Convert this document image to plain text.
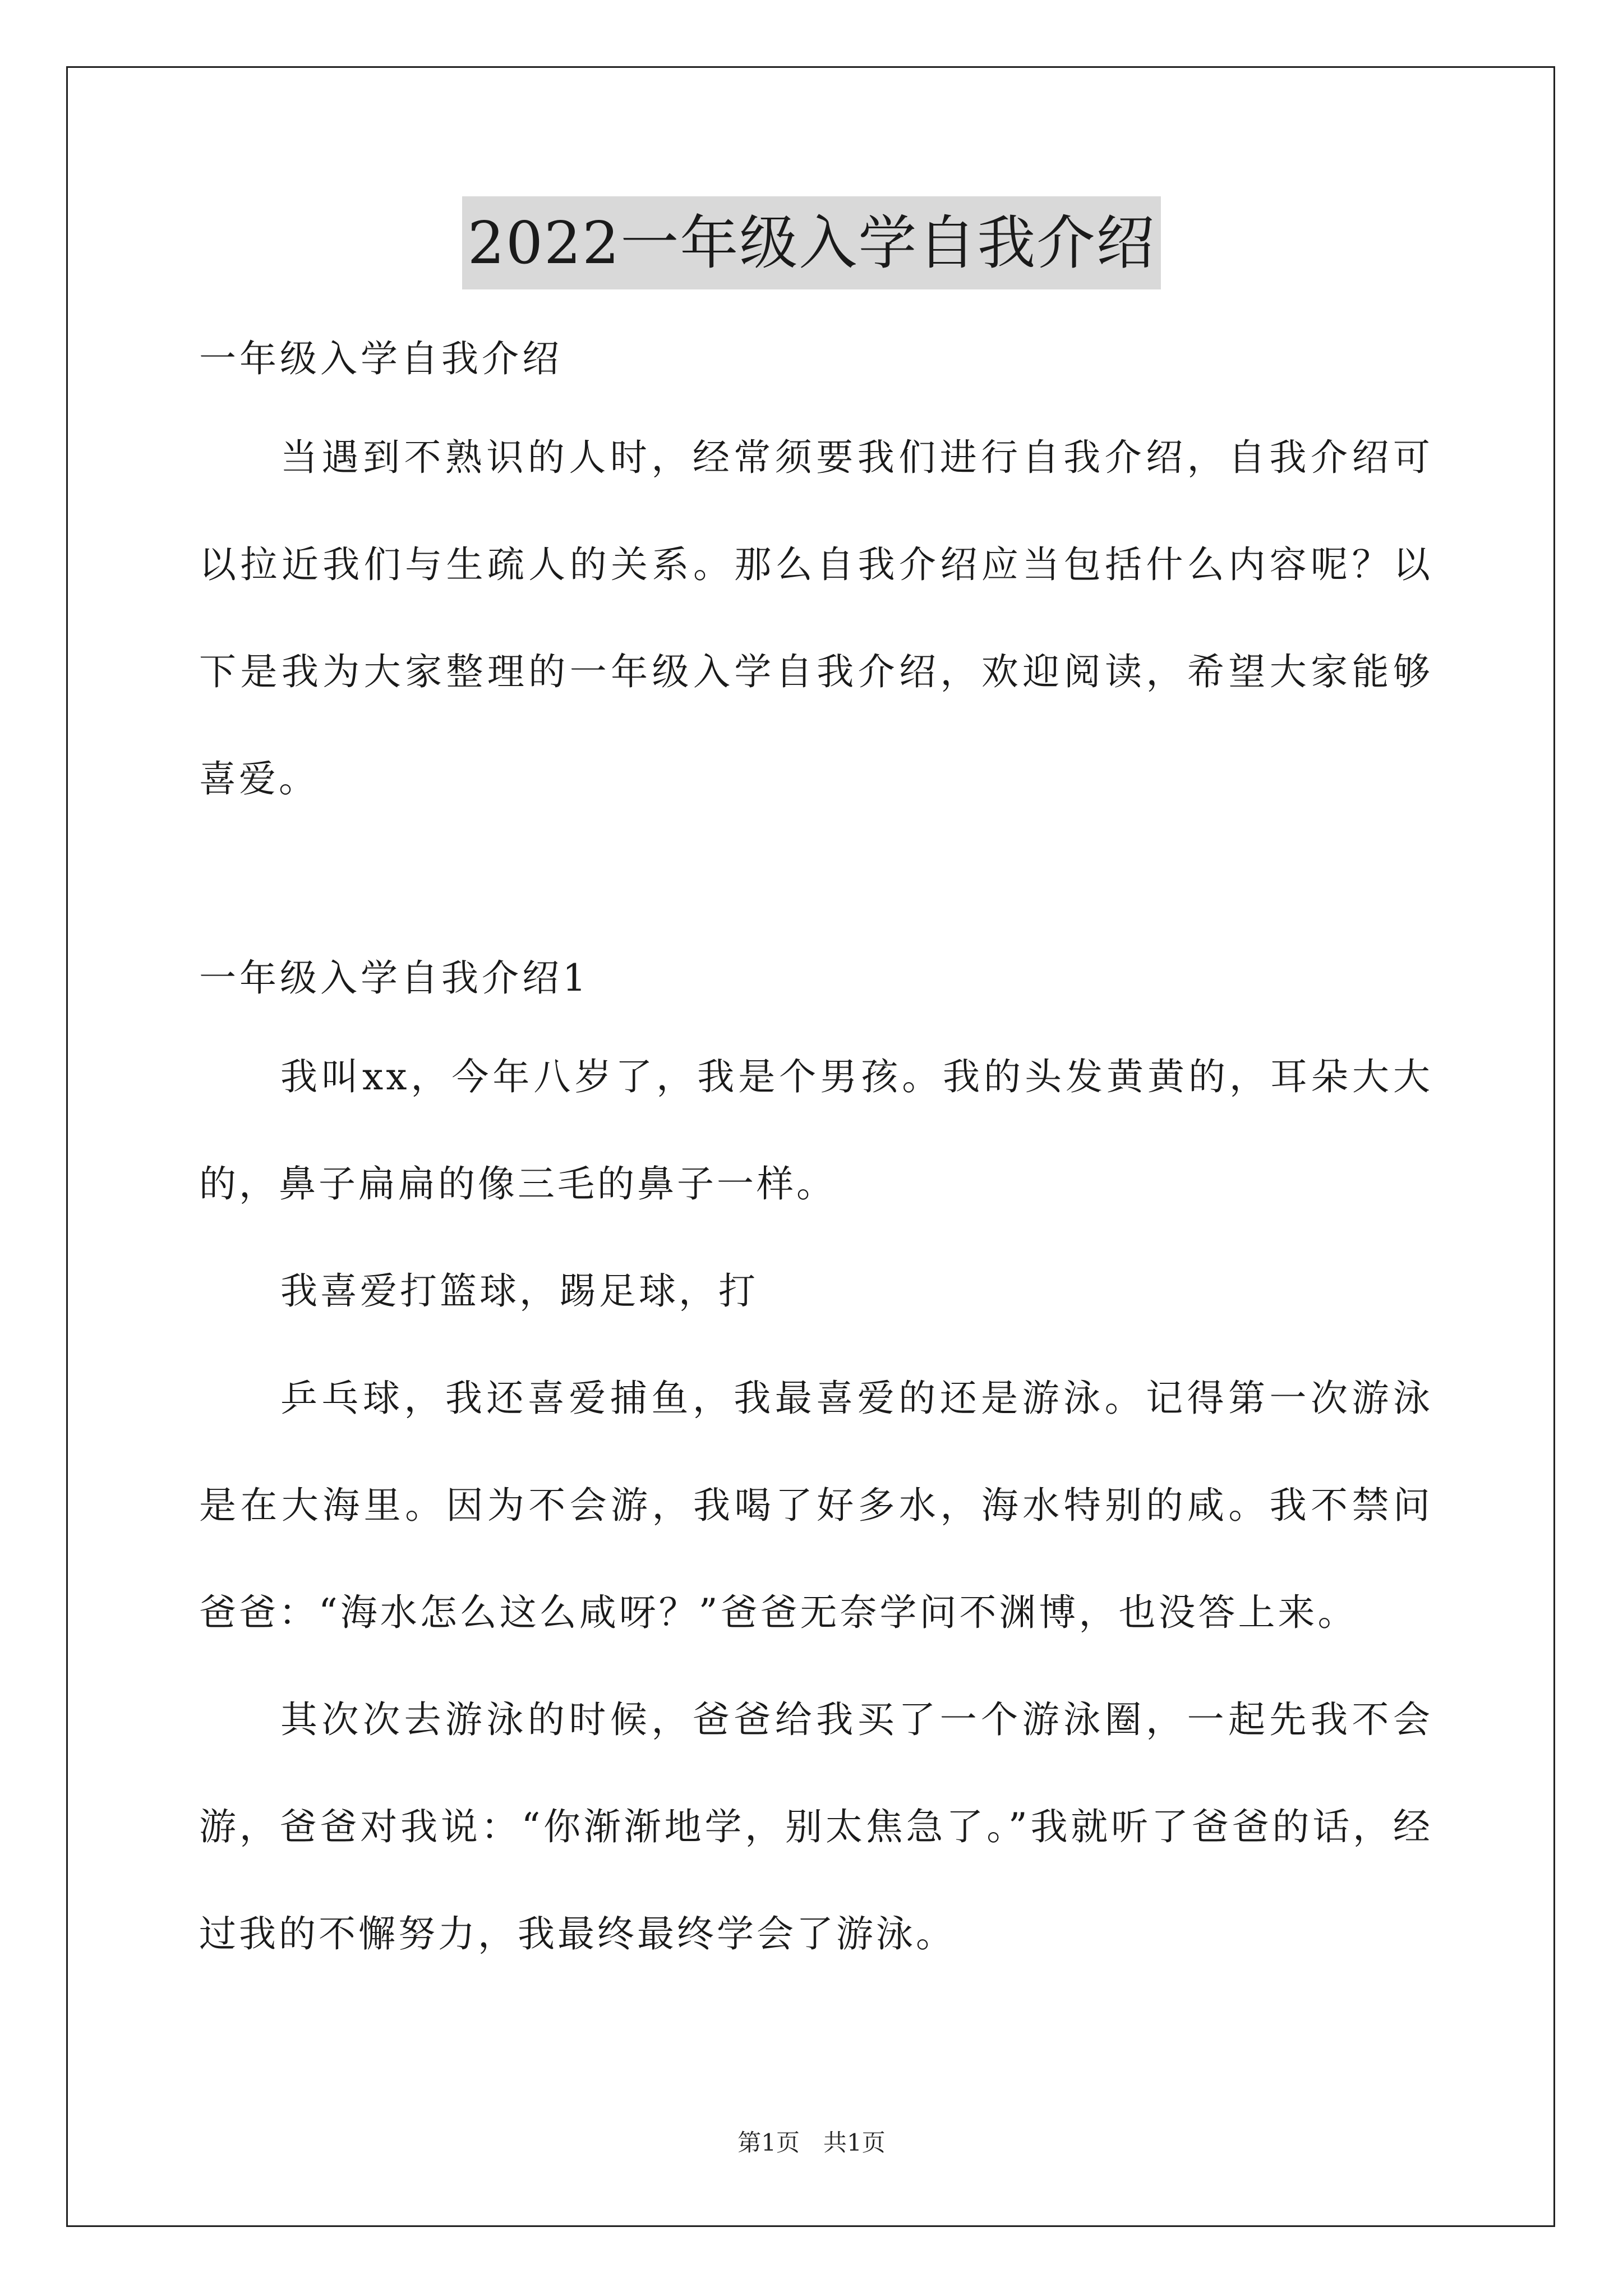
2022一年级入学自我介绍
一年级入学自我介绍

当遇到不熟识的人时，经常须要我们进行自我介绍，自我介绍可以拉近我们与生疏人的关系。那么自我介绍应当包括什么内容呢？以下是我为大家整理的一年级入学自我介绍，欢迎阅读，希望大家能够喜爱。

一年级入学自我介绍1

我叫xx，今年八岁了，我是个男孩。我的头发黄黄的，耳朵大大的，鼻子扁扁的像三毛的鼻子一样。

我喜爱打篮球，踢足球，打

乒乓球，我还喜爱捕鱼，我最喜爱的还是游泳。记得第一次游泳是在大海里。因为不会游，我喝了好多水，海水特别的咸。我不禁问爸爸：“海水怎么这么咸呀？”爸爸无奈学问不渊博，也没答上来。

其次次去游泳的时候，爸爸给我买了一个游泳圈，一起先我不会游，爸爸对我说：“你渐渐地学，别太焦急了。”我就听了爸爸的话，经过我的不懈努力，我最终最终学会了游泳。

第1页　共1页
